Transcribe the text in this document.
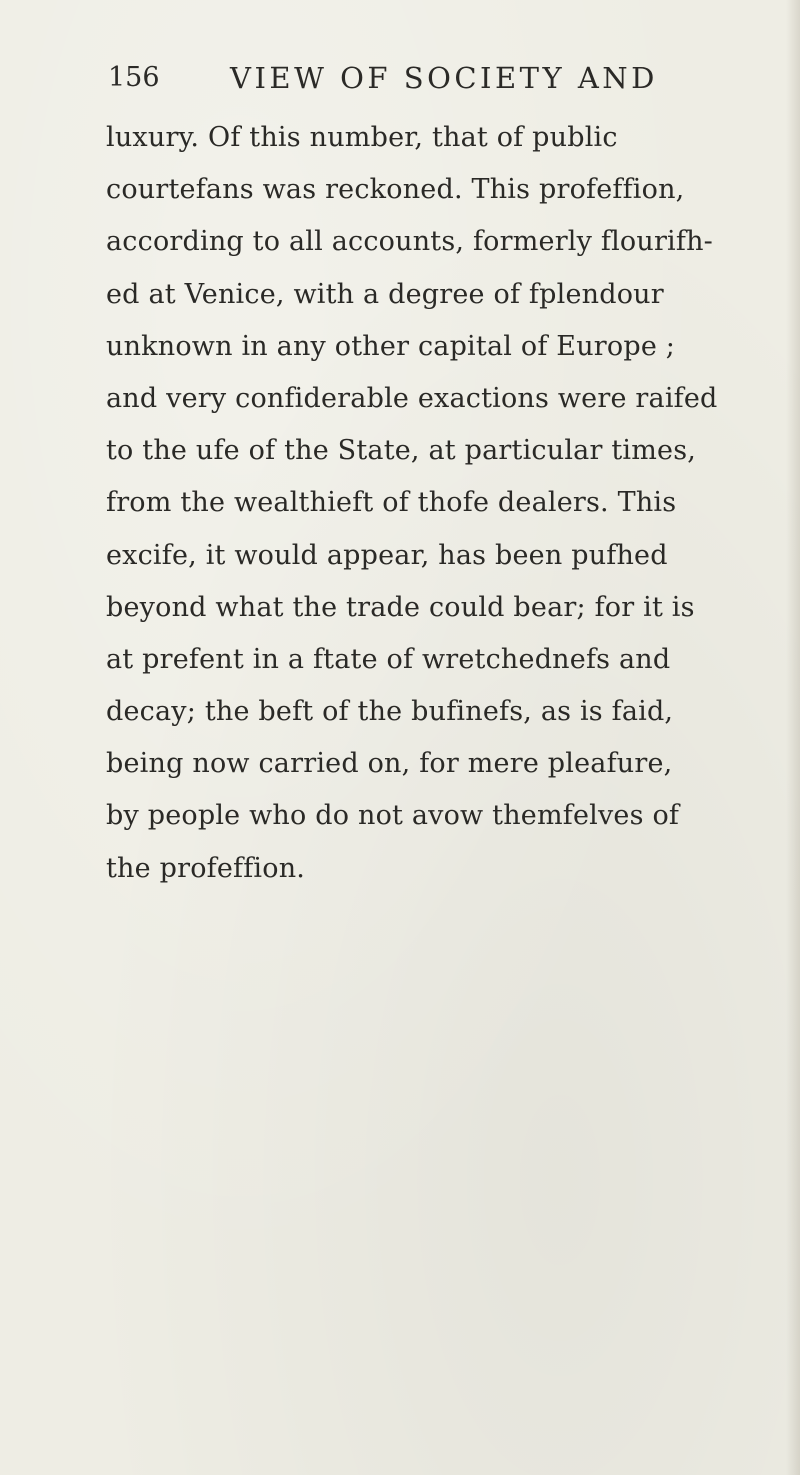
156 VIEW OF SOCIETY AND
luxury. Of this number, that of public
courtefans was reckoned. This profeffion,
according to all accounts, formerly flourifh-
ed at Venice, with a degree of fplendour
unknown in any other capital of Europe ;
and very confiderable exactions were raifed
to the ufe of the State, at particular times,
from the wealthieft of thofe dealers. This
excife, it would appear, has been pufhed
beyond what the trade could bear; for it is
at prefent in a ftate of wretchednefs and
decay; the beft of the bufinefs, as is faid,
being now carried on, for mere pleafure,
by people who do not avow themfelves of
the profeffion.
